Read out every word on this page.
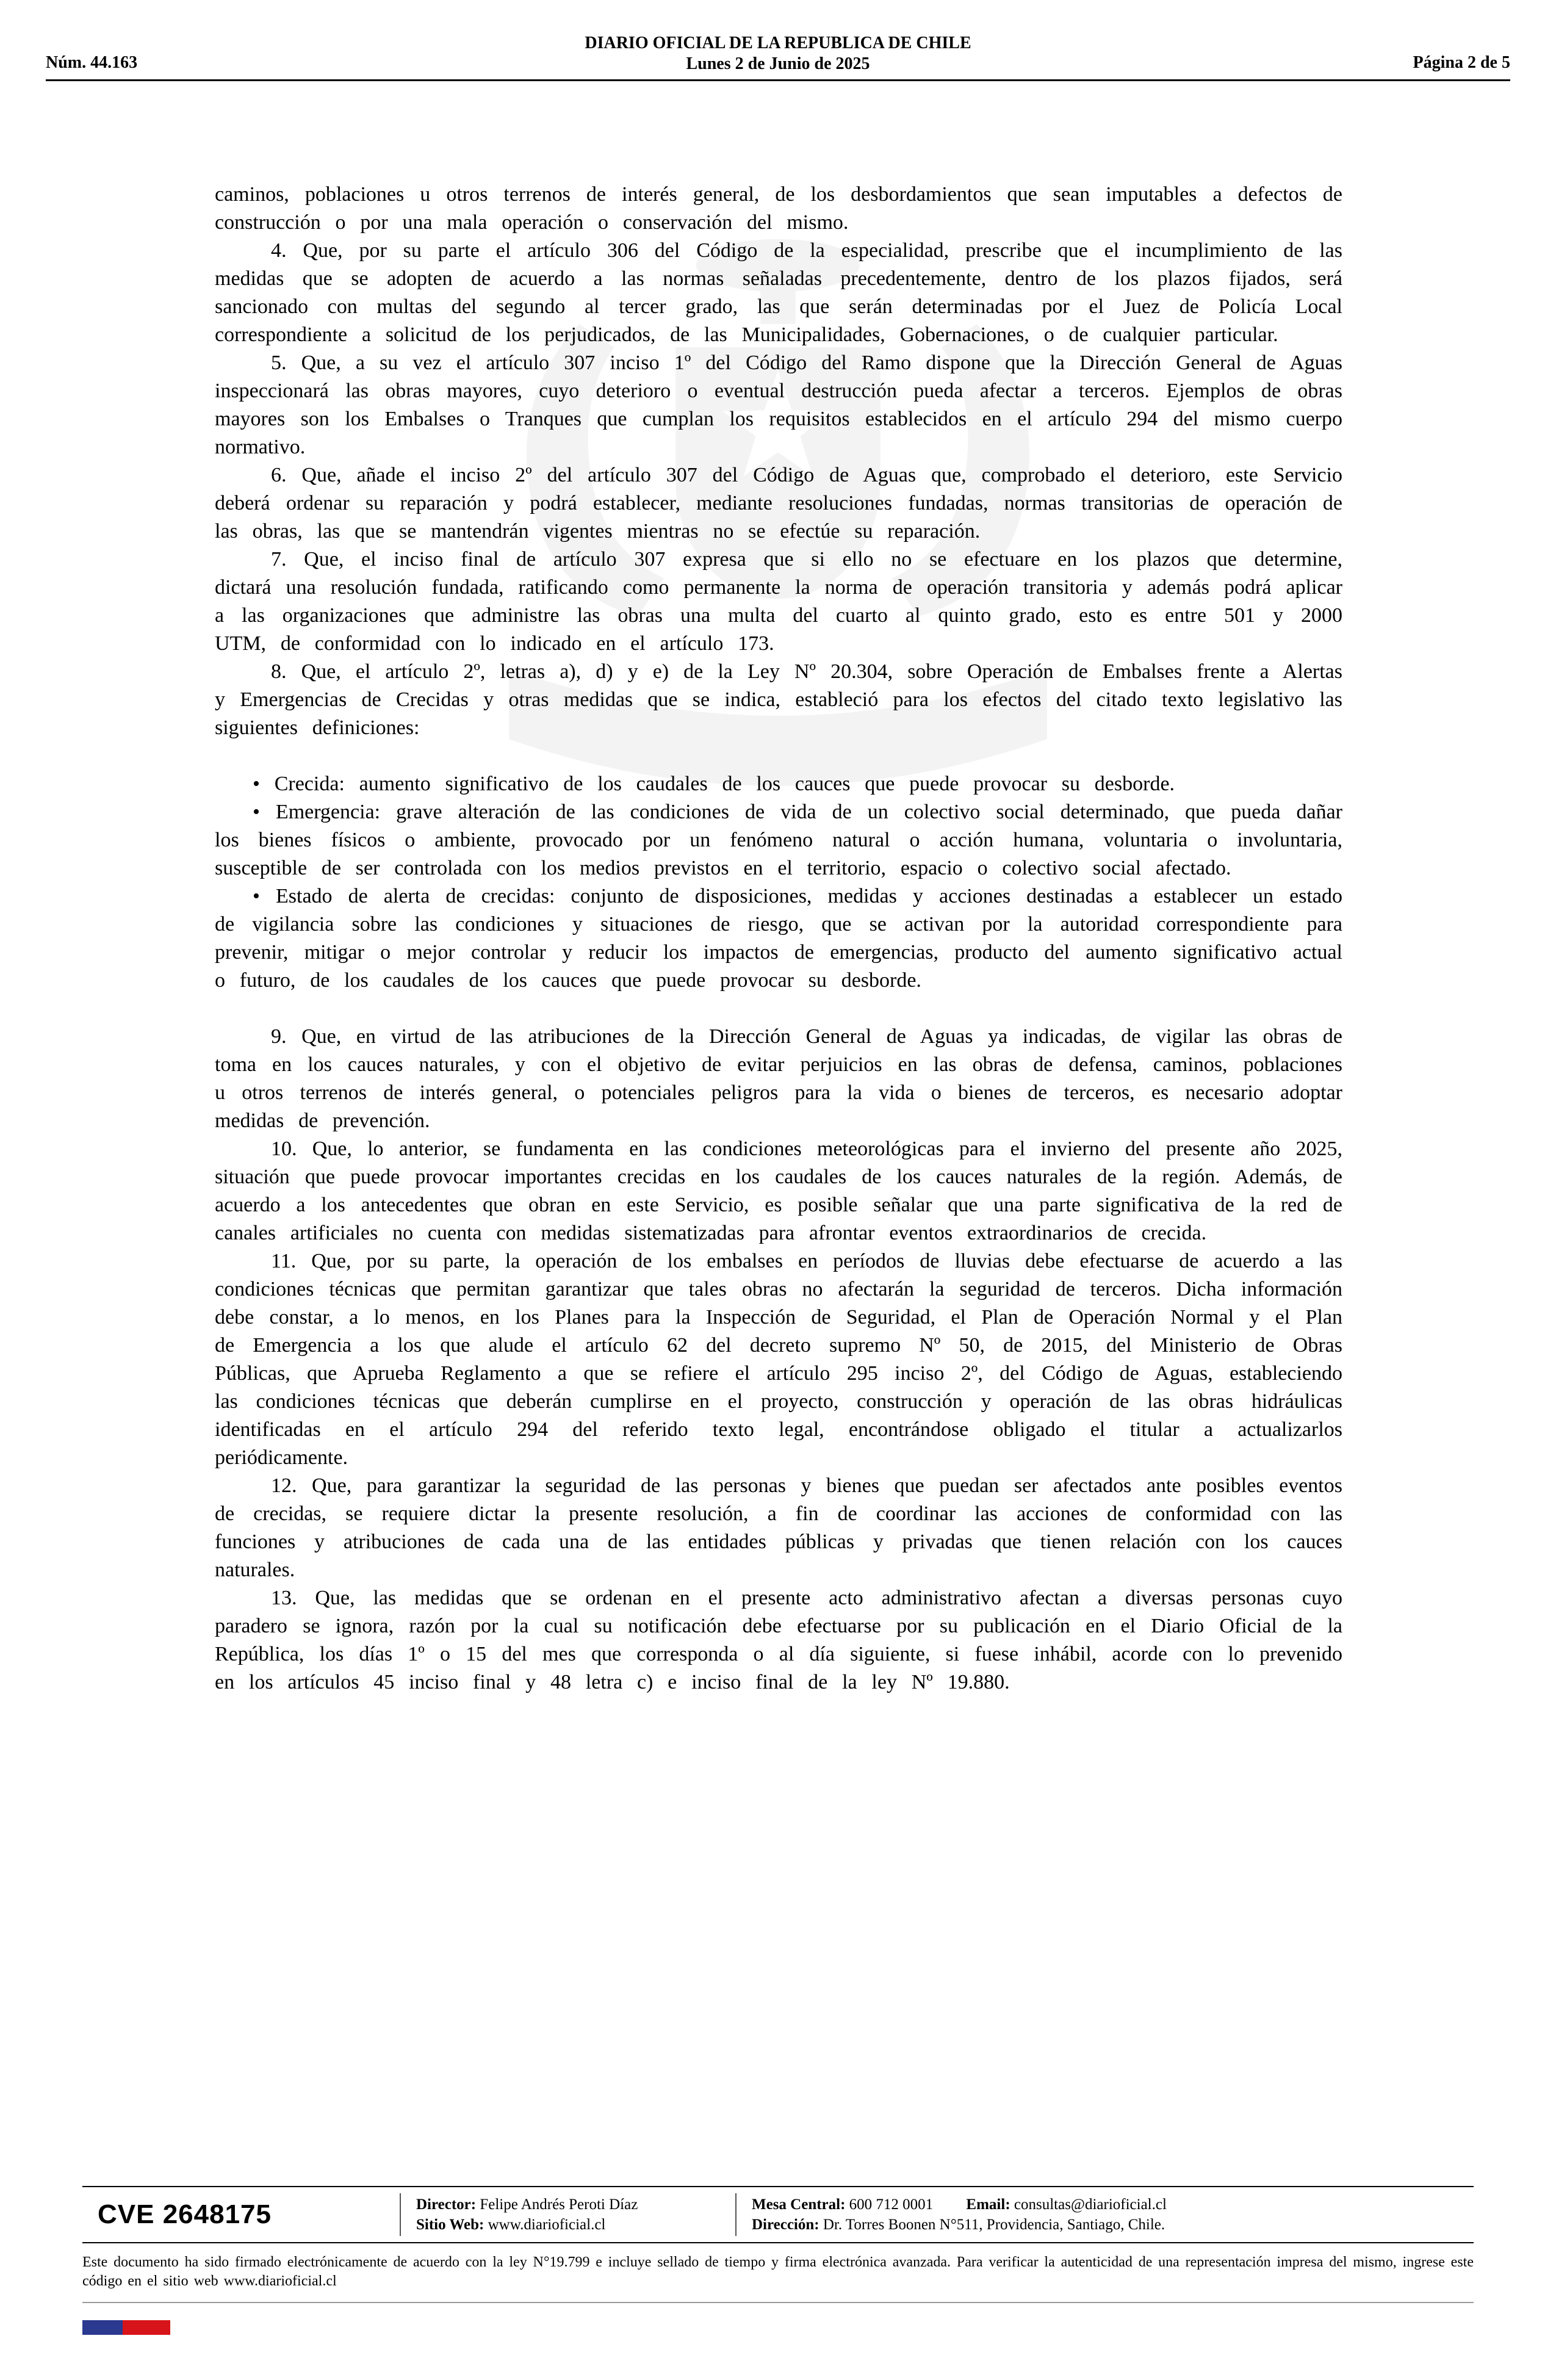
Núm. 44.163
DIARIO OFICIAL DE LA REPUBLICA DE CHILE
Lunes 2 de Junio de 2025	Página 2 de 5

caminos, poblaciones u otros terrenos de interés general, de los desbordamientos que sean imputables a defectos de construcción o por una mala operación o conservación del mismo.

4. Que, por su parte el artículo 306 del Código de la especialidad, prescribe que el incumplimiento de las medidas que se adopten de acuerdo a las normas señaladas precedentemente, dentro de los plazos fijados, será sancionado con multas del segundo al tercer grado, las que serán determinadas por el Juez de Policía Local correspondiente a solicitud de los perjudicados, de las Municipalidades, Gobernaciones, o de cualquier particular.

5. Que, a su vez el artículo 307 inciso 1º del Código del Ramo dispone que la Dirección General de Aguas inspeccionará las obras mayores, cuyo deterioro o eventual destrucción pueda afectar a terceros. Ejemplos de obras mayores son los Embalses o Tranques que cumplan los requisitos establecidos en el artículo 294 del mismo cuerpo normativo.

6. Que, añade el inciso 2º del artículo 307 del Código de Aguas que, comprobado el deterioro, este Servicio deberá ordenar su reparación y podrá establecer, mediante resoluciones fundadas, normas transitorias de operación de las obras, las que se mantendrán vigentes mientras no se efectúe su reparación.

7. Que, el inciso final de artículo 307 expresa que si ello no se efectuare en los plazos que determine, dictará una resolución fundada, ratificando como permanente la norma de operación transitoria y además podrá aplicar a las organizaciones que administre las obras una multa del cuarto al quinto grado, esto es entre 501 y 2000 UTM, de conformidad con lo indicado en el artículo 173.

8. Que, el artículo 2º, letras a), d) y e) de la Ley Nº 20.304, sobre Operación de Embalses frente a Alertas y Emergencias de Crecidas y otras medidas que se indica, estableció para los efectos del citado texto legislativo las siguientes definiciones:

• Crecida: aumento significativo de los caudales de los cauces que puede provocar su desborde.

• Emergencia: grave alteración de las condiciones de vida de un colectivo social determinado, que pueda dañar los bienes físicos o ambiente, provocado por un fenómeno natural o acción humana, voluntaria o involuntaria, susceptible de ser controlada con los medios previstos en el territorio, espacio o colectivo social afectado.

• Estado de alerta de crecidas: conjunto de disposiciones, medidas y acciones destinadas a establecer un estado de vigilancia sobre las condiciones y situaciones de riesgo, que se activan por la autoridad correspondiente para prevenir, mitigar o mejor controlar y reducir los impactos de emergencias, producto del aumento significativo actual o futuro, de los caudales de los cauces que puede provocar su desborde.

9. Que, en virtud de las atribuciones de la Dirección General de Aguas ya indicadas, de vigilar las obras de toma en los cauces naturales, y con el objetivo de evitar perjuicios en las obras de defensa, caminos, poblaciones u otros terrenos de interés general, o potenciales peligros para la vida o bienes de terceros, es necesario adoptar medidas de prevención.

10. Que, lo anterior, se fundamenta en las condiciones meteorológicas para el invierno del presente año 2025, situación que puede provocar importantes crecidas en los caudales de los cauces naturales de la región. Además, de acuerdo a los antecedentes que obran en este Servicio, es posible señalar que una parte significativa de la red de canales artificiales no cuenta con medidas sistematizadas para afrontar eventos extraordinarios de crecida.

11. Que, por su parte, la operación de los embalses en períodos de lluvias debe efectuarse de acuerdo a las condiciones técnicas que permitan garantizar que tales obras no afectarán la seguridad de terceros. Dicha información debe constar, a lo menos, en los Planes para la Inspección de Seguridad, el Plan de Operación Normal y el Plan de Emergencia a los que alude el artículo 62 del decreto supremo Nº 50, de 2015, del Ministerio de Obras Públicas, que Aprueba Reglamento a que se refiere el artículo 295 inciso 2º, del Código de Aguas, estableciendo las condiciones técnicas que deberán cumplirse en el proyecto, construcción y operación de las obras hidráulicas identificadas en el artículo 294 del referido texto legal, encontrándose obligado el titular a actualizarlos periódicamente.

12. Que, para garantizar la seguridad de las personas y bienes que puedan ser afectados ante posibles eventos de crecidas, se requiere dictar la presente resolución, a fin de coordinar las acciones de conformidad con las funciones y atribuciones de cada una de las entidades públicas y privadas que tienen relación con los cauces naturales.

13. Que, las medidas que se ordenan en el presente acto administrativo afectan a diversas personas cuyo paradero se ignora, razón por la cual su notificación debe efectuarse por su publicación en el Diario Oficial de la República, los días 1º o 15 del mes que corresponda o al día siguiente, si fuese inhábil, acorde con lo prevenido en los artículos 45 inciso final y 48 letra c) e inciso final de la ley Nº 19.880.

CVE 2648175	Director: Felipe Andrés Peroti Díaz
Sitio Web: www.diarioficial.cl
Mesa Central: 600 712 0001 Email: consultas@diarioficial.cl
Dirección: Dr. Torres Boonen N°511, Providencia, Santiago, Chile.
Este documento ha sido firmado electrónicamente de acuerdo con la ley N°19.799 e incluye sellado de tiempo y firma electrónica avanzada. Para verificar la autenticidad de una representación impresa del mismo, ingrese este código en el sitio web www.diarioficial.cl
